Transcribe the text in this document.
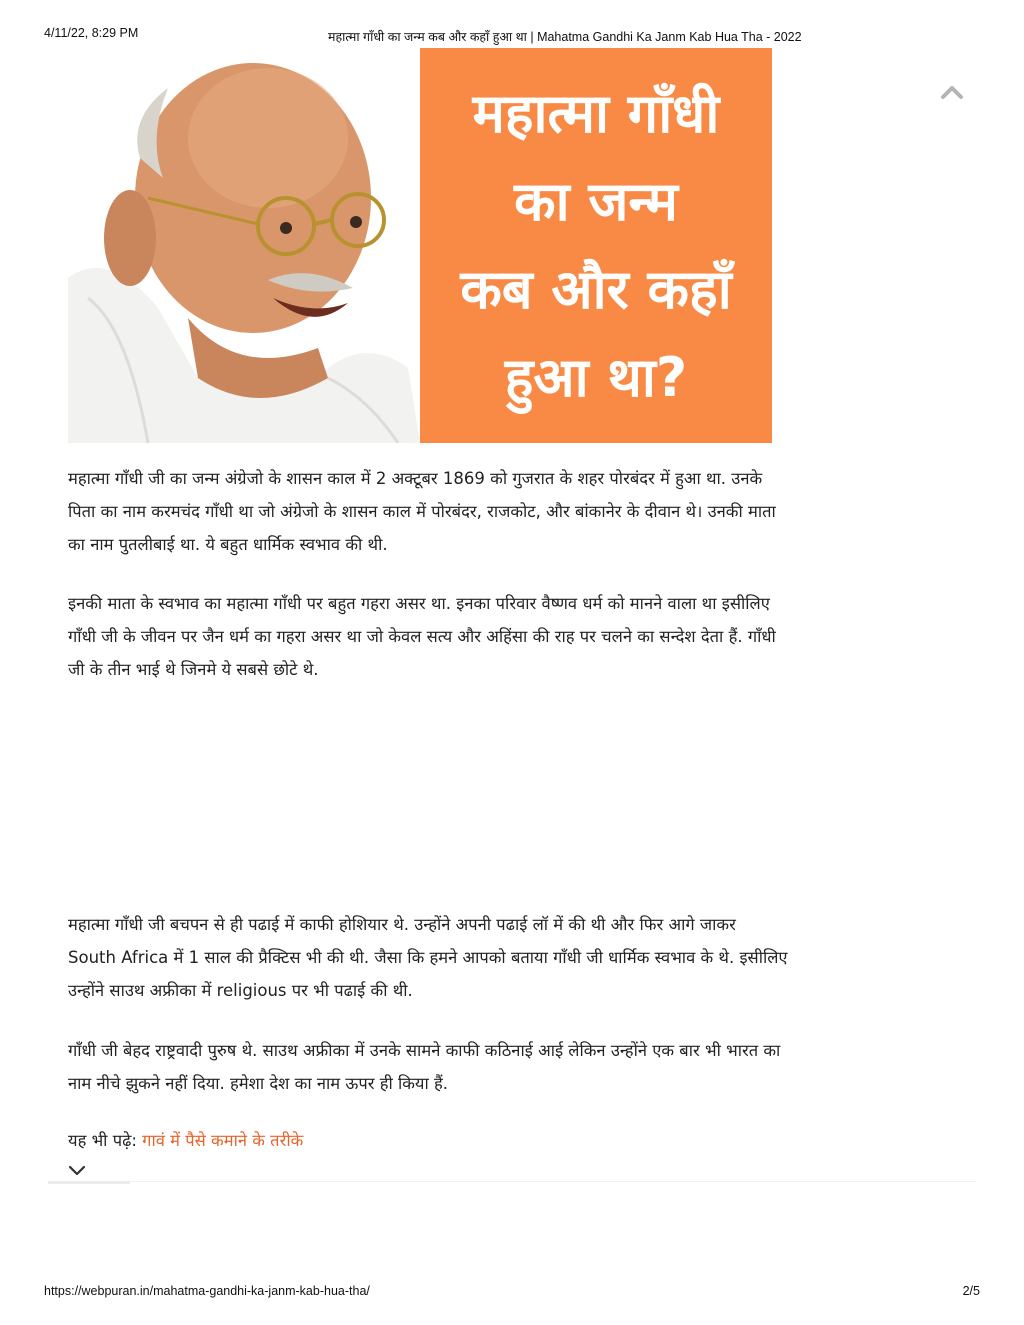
4/11/22, 8:29 PM	महात्मा गाँधी का जन्म कब और कहाँ हुआ था | Mahatma Gandhi Ka Janm Kab Hua Tha - 2022
महात्मा गाँधी
का जन्म
कब और कहाँ
हुआ था?

महात्मा गाँधी जी का जन्म अंग्रेजो के शासन काल में 2 अक्टूबर 1869 को गुजरात के शहर पोरबंदर में हुआ था. उनके पिता का नाम करमचंद गाँधी था जो अंग्रेजो के शासन काल में पोरबंदर, राजकोट, और बांकानेर के दीवान थे। उनकी माता का नाम पुतलीबाई था. ये बहुत धार्मिक स्वभाव की थी.

इनकी माता के स्वभाव का महात्मा गाँधी पर बहुत गहरा असर था. इनका परिवार वैष्णव धर्म को मानने वाला था इसीलिए गाँधी जी के जीवन पर जैन धर्म का गहरा असर था जो केवल सत्य और अहिंसा की राह पर चलने का सन्देश देता हैं. गाँधी जी के तीन भाई थे जिनमे ये सबसे छोटे थे.

महात्मा गाँधी जी बचपन से ही पढाई में काफी होशियार थे. उन्होंने अपनी पढाई लॉ में की थी और फिर आगे जाकर South Africa में 1 साल की प्रैक्टिस भी की थी. जैसा कि हमने आपको बताया गाँधी जी धार्मिक स्वभाव के थे. इसीलिए उन्होंने साउथ अफ्रीका में religious पर भी पढाई की थी.

गाँधी जी बेहद राष्ट्रवादी पुरुष थे. साउथ अफ्रीका में उनके सामने काफी कठिनाई आई लेकिन उन्होंने एक बार भी भारत का नाम नीचे झुकने नहीं दिया. हमेशा देश का नाम ऊपर ही किया हैं.

यह भी पढ़े: गावं में पैसे कमाने के तरीके
https://webpuran.in/mahatma-gandhi-ka-janm-kab-hua-tha/	2/5
